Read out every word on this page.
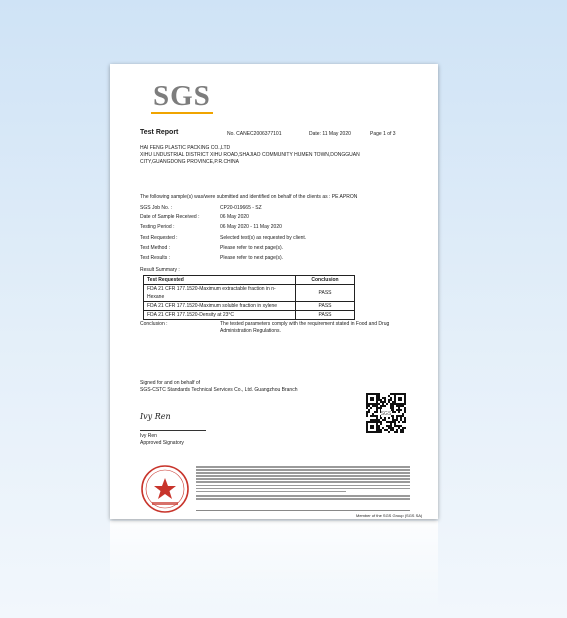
SGS
Test Report	No. CANEC2006377101	Date: 11 May 2020	Page 1 of 3
HAI FENG PLASTIC PACKING CO.,LTD
XIHU LNDUSTRIAL DISTRICT XIHU ROAD,SHAJIAO COMMUNITY HUMEN TOWN,DONGGUAN
CITY,GUANGDONG PROVINCE,P.R.CHINA
The following sample(s) was/were submitted and identified on behalf of the clients as : PE APRON
SGS Job No. :	CP20-019665 - SZ
Date of Sample Received :	06 May 2020
Testing Period :	06 May 2020 - 11 May 2020
Test Requested :	Selected test(s) as requested by client.
Test Method :	Please refer to next page(s).
Test Results :	Please refer to next page(s).
Result Summary :
Test Requested	Conclusion
FDA 21 CFR 177.1520-Maximum extractable fraction in n-Hexane	PASS
FDA 21 CFR 177.1520-Maximum soluble fraction in xylene	PASS
FDA 21 CFR 177.1520-Density at 23°C	PASS
Conclusion :	The tested parameters comply with the requirement stated in Food and Drug
Administration Regulations.
Signed for and on behalf of
SGS-CSTC Standards Technical Services Co., Ltd. Guangzhou Branch
Ivy Ren
Ivy Ren
Approved Signatory
SGS
Member of the SGS Group (SGS SA)
